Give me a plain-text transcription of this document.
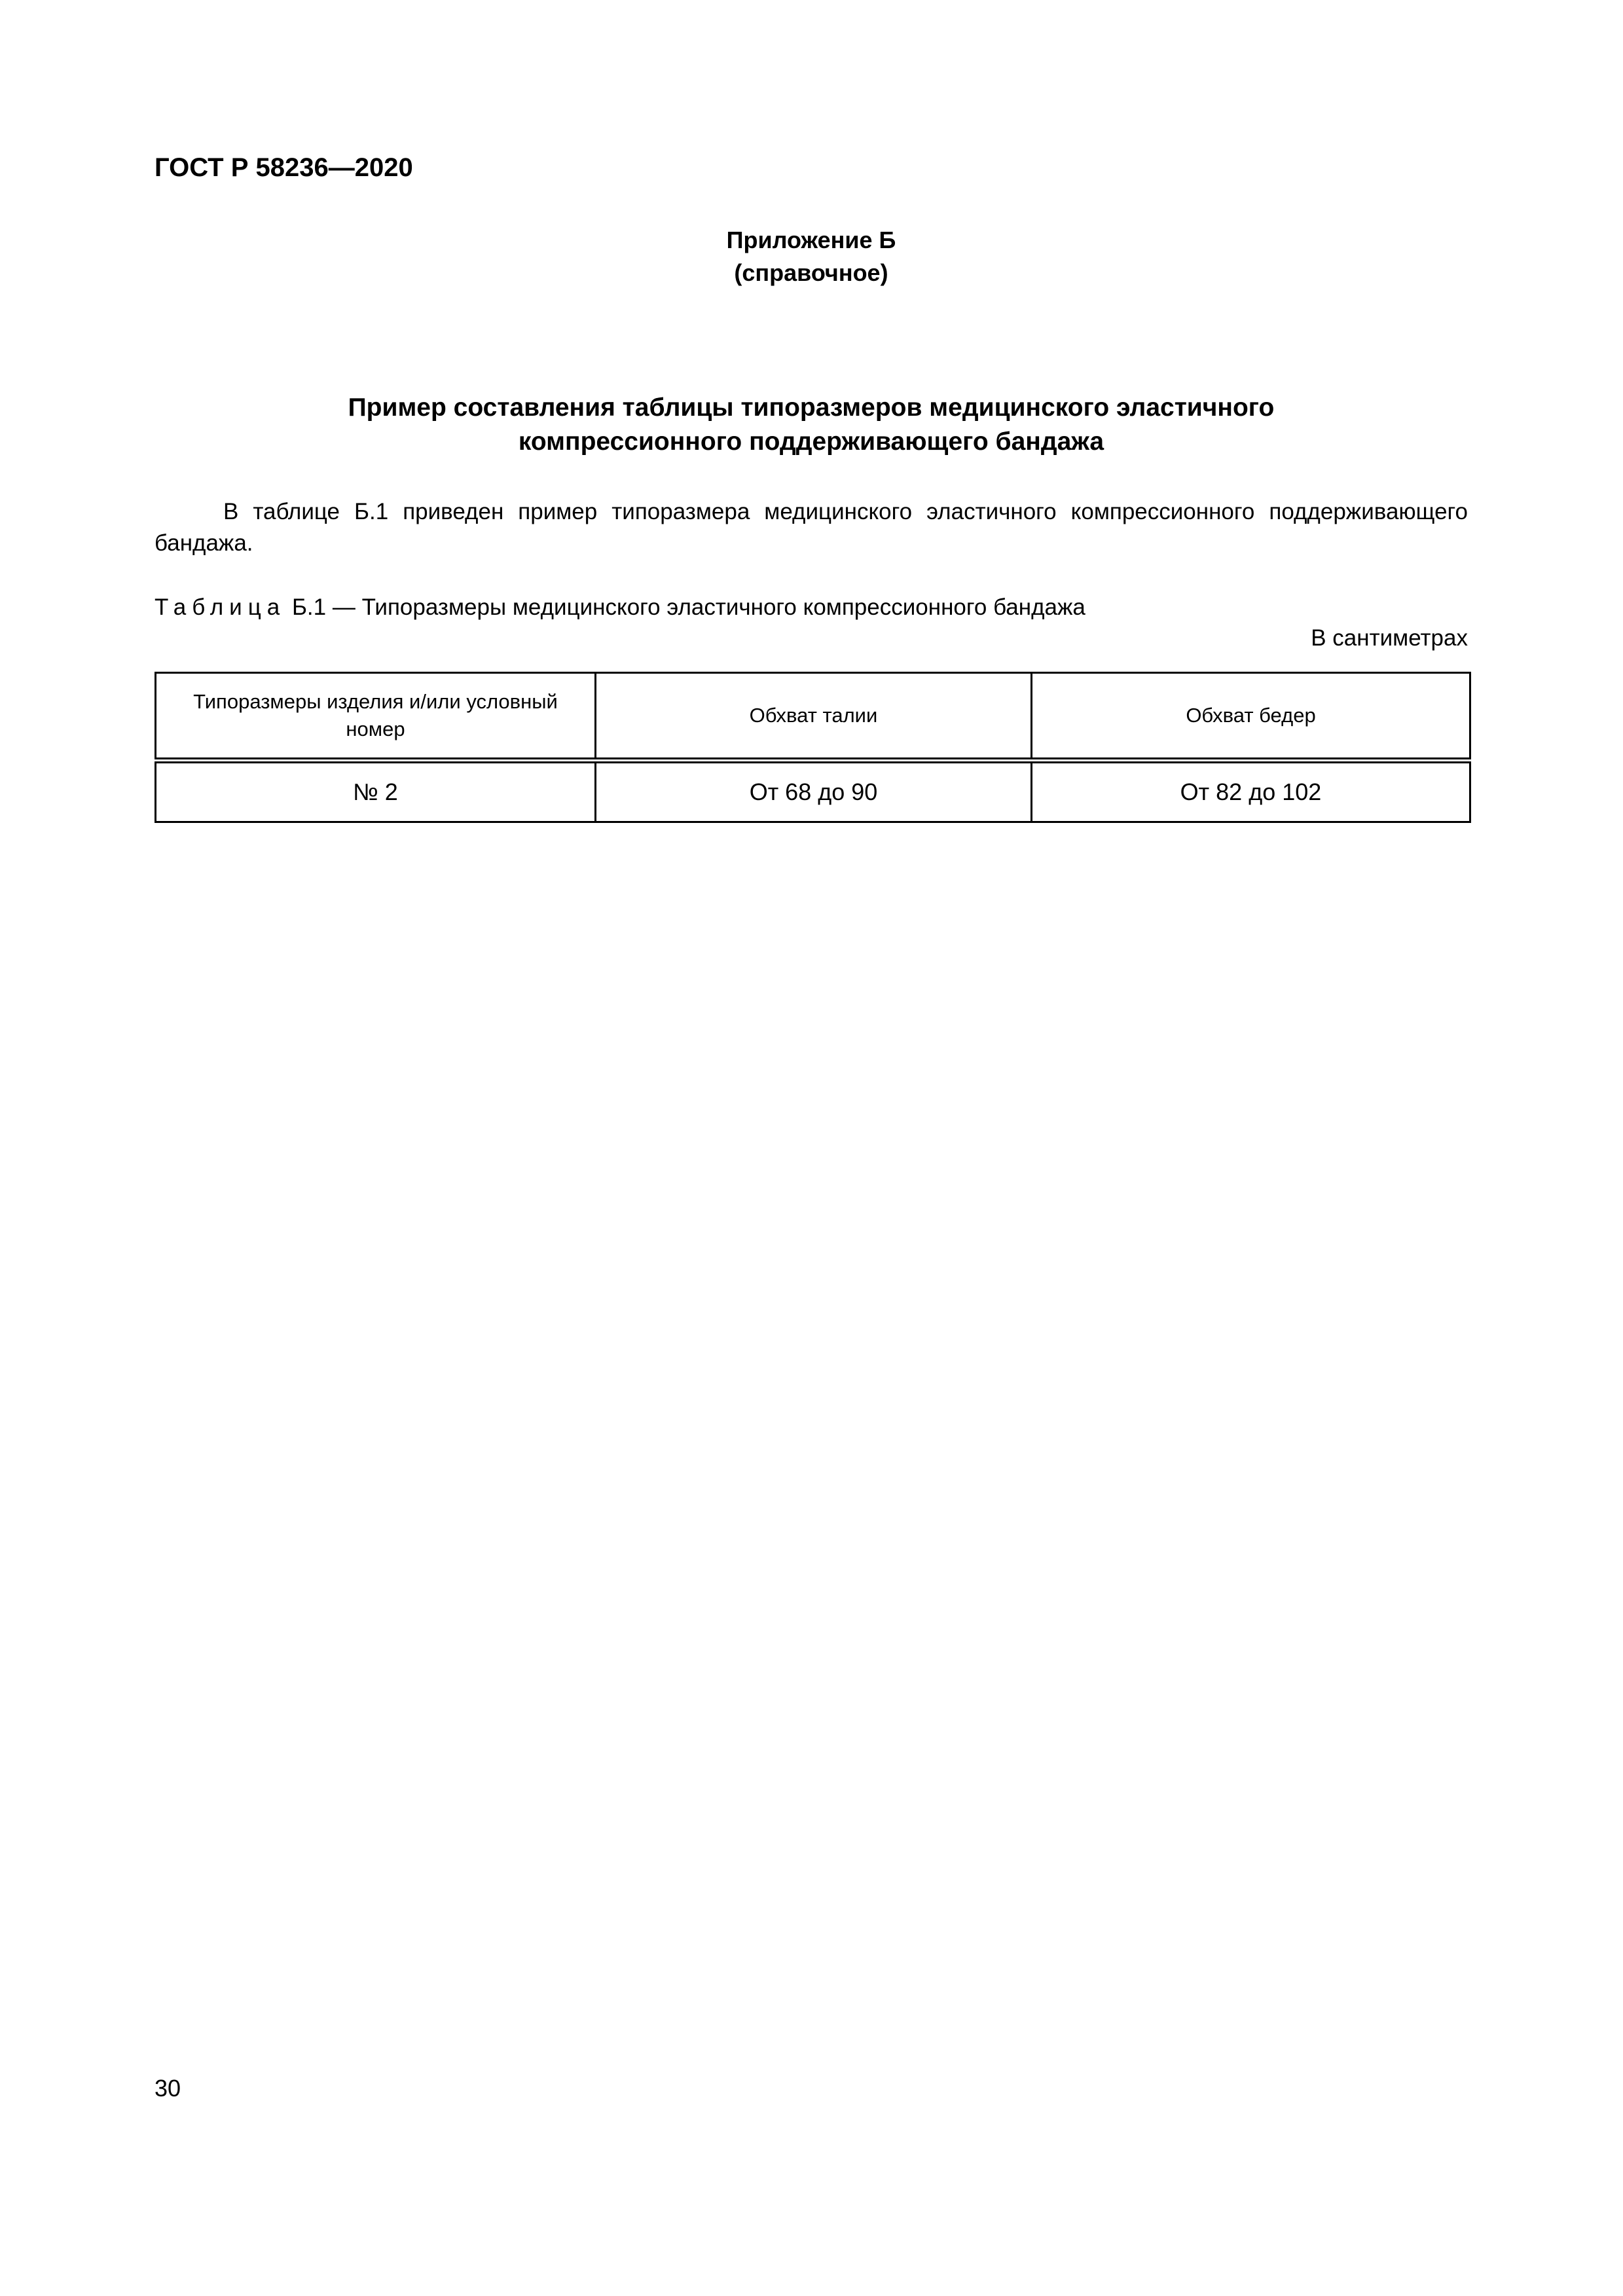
ГОСТ Р 58236—2020
Приложение Б
(справочное)
Пример составления таблицы типоразмеров медицинского эластичного
компрессионного поддерживающего бандажа
В таблице Б.1 приведен пример типоразмера медицинского эластичного компрессионного поддерживающего бандажа.
Таблица Б.1 — Типоразмеры медицинского эластичного компрессионного бандажа
В сантиметрах
Типоразмеры изделия и/или условный номер	Обхват талии	Обхват бедер
№ 2	От 68 до 90	От 82 до 102
30
